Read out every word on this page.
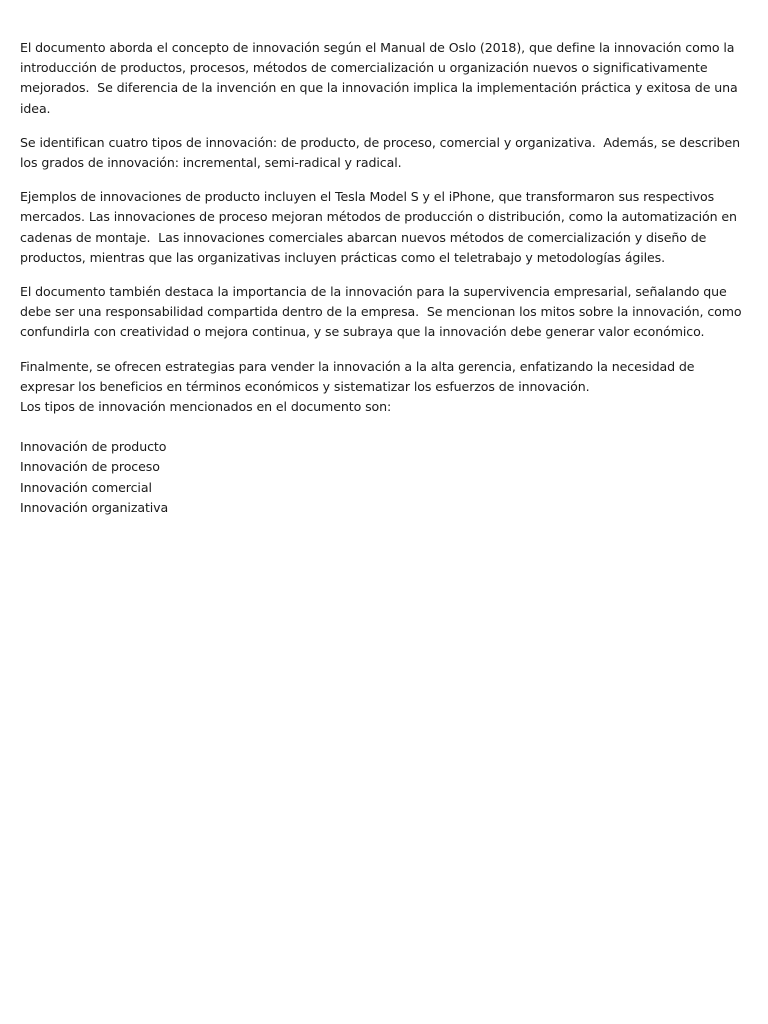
El documento aborda el concepto de innovación según el Manual de Oslo (2018), que define la innovación como la introducción de productos, procesos, métodos de comercialización u organización nuevos o significativamente mejorados.  Se diferencia de la invención en que la innovación implica la implementación práctica y exitosa de una idea.

Se identifican cuatro tipos de innovación: de producto, de proceso, comercial y organizativa.  Además, se describen los grados de innovación: incremental, semi-radical y radical.

Ejemplos de innovaciones de producto incluyen el Tesla Model S y el iPhone, que transformaron sus respectivos mercados. Las innovaciones de proceso mejoran métodos de producción o distribución, como la automatización en cadenas de montaje.  Las innovaciones comerciales abarcan nuevos métodos de comercialización y diseño de productos, mientras que las organizativas incluyen prácticas como el teletrabajo y metodologías ágiles.

El documento también destaca la importancia de la innovación para la supervivencia empresarial, señalando que debe ser una responsabilidad compartida dentro de la empresa.  Se mencionan los mitos sobre la innovación, como confundirla con creatividad o mejora continua, y se subraya que la innovación debe generar valor económico.

Finalmente, se ofrecen estrategias para vender la innovación a la alta gerencia, enfatizando la necesidad de expresar los beneficios en términos económicos y sistematizar los esfuerzos de innovación.

Los tipos de innovación mencionados en el documento son:

Innovación de producto
Innovación de proceso
Innovación comercial
Innovación organizativa
